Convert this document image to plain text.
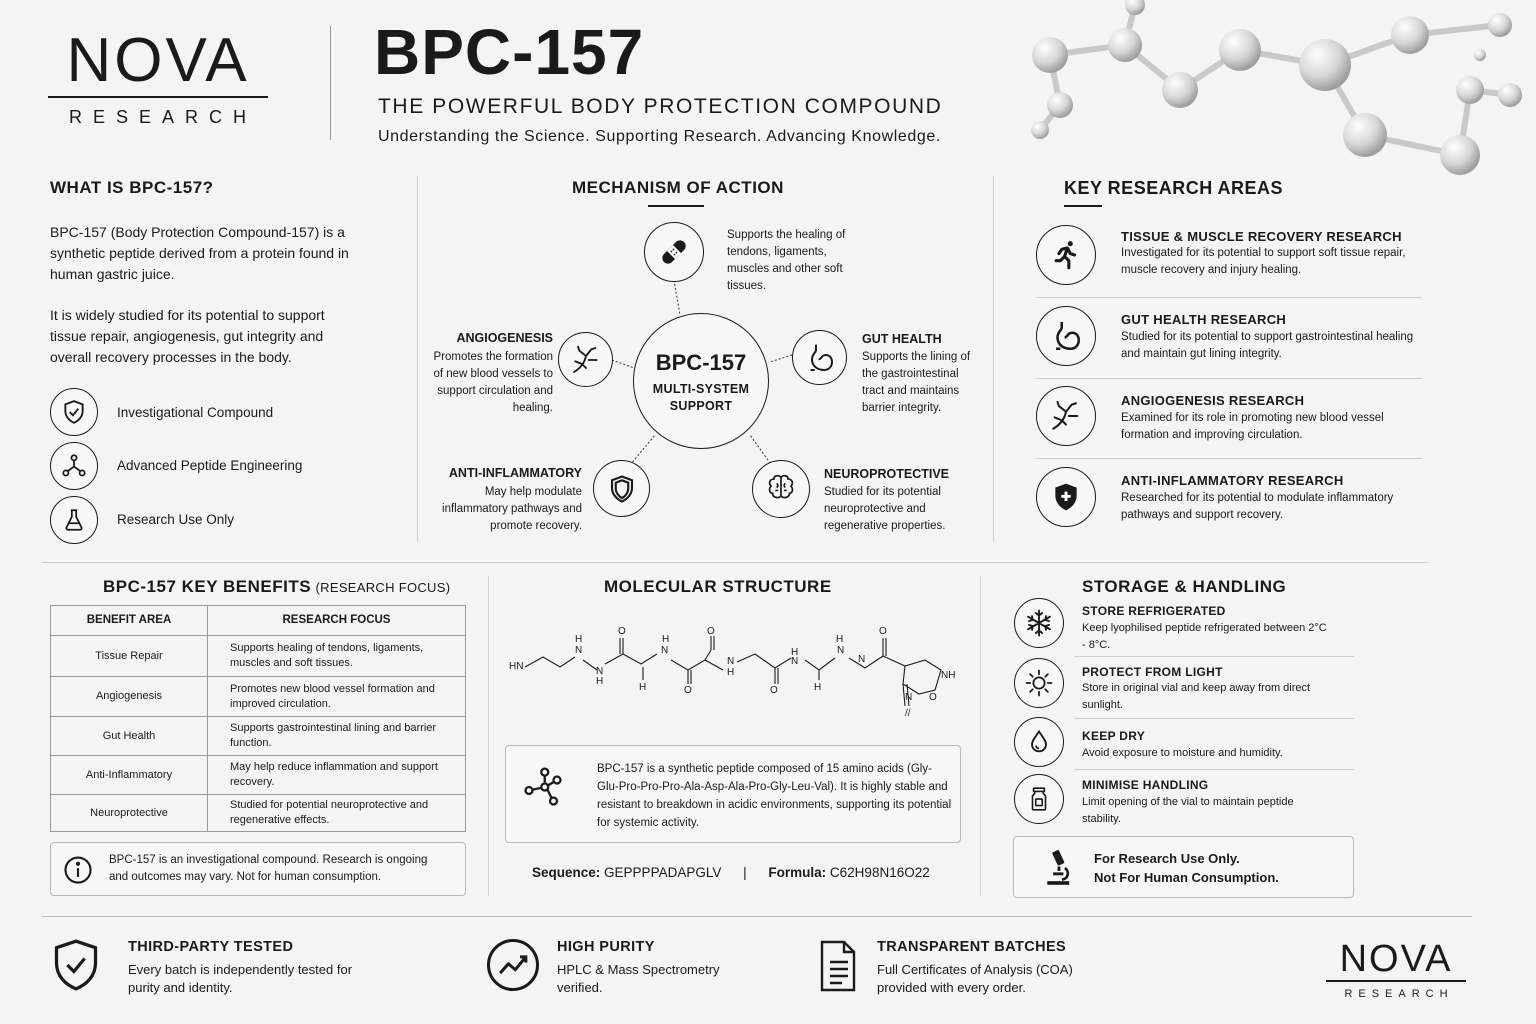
NOVA
RESEARCH
BPC-157
THE POWERFUL BODY PROTECTION COMPOUND
Understanding the Science. Supporting Research. Advancing Knowledge.
WHAT IS BPC-157?
BPC-157 (Body Protection Compound-157) is a synthetic peptide derived from a protein found in human gastric juice.
It is widely studied for its potential to support tissue repair, angiogenesis, gut integrity and overall recovery processes in the body.
Investigational Compound
Advanced Peptide Engineering
Research Use Only
MECHANISM OF ACTION
BPC-157
MULTI-SYSTEM
SUPPORT
Supports the healing of tendons, ligaments, muscles and other soft tissues.
ANGIOGENESIS
Promotes the formation of new blood vessels to support circulation and healing.
GUT HEALTH
Supports the lining of the gastrointestinal tract and maintains barrier integrity.
ANTI-INFLAMMATORY
May help modulate inflammatory pathways and promote recovery.
NEUROPROTECTIVE
Studied for its potential neuroprotective and regenerative properties.
KEY RESEARCH AREAS
TISSUE & MUSCLE RECOVERY RESEARCH
Investigated for its potential to support soft tissue repair, muscle recovery and injury healing.
GUT HEALTH RESEARCH
Studied for its potential to support gastrointestinal healing and maintain gut lining integrity.
ANGIOGENESIS RESEARCH
Examined for its role in promoting new blood vessel formation and improving circulation.
ANTI-INFLAMMATORY RESEARCH
Researched for its potential to modulate inflammatory pathways and support recovery.
BPC-157 KEY BENEFITS (RESEARCH FOCUS)
BENEFIT AREA	RESEARCH FOCUS
Tissue Repair	Supports healing of tendons, ligaments, muscles and soft tissues.
Angiogenesis	Promotes new blood vessel formation and improved circulation.
Gut Health	Supports gastrointestinal lining and barrier function.
Anti-Inflammatory	May help reduce inflammation and support recovery.
Neuroprotective	Studied for potential neuroprotective and regenerative effects.
BPC-157 is an investigational compound. Research is ongoing and outcomes may vary. Not for human consumption.
MOLECULAR STRUCTURE
HN
H
N
N
H
O
H
N
H	O
O
N
H
O
H
N
H
H
N
N
O
NH
O
N
//
BPC-157 is a synthetic peptide composed of 15 amino acids (Gly-Glu-Pro-Pro-Pro-Ala-Asp-Ala-Pro-Gly-Leu-Val). It is highly stable and resistant to breakdown in acidic environments, supporting its potential for systemic activity.
Sequence: GEPPPPADAPGLV | Formula: C62H98N16O22
STORAGE & HANDLING
STORE REFRIGERATED
Keep lyophilised peptide refrigerated between 2°C - 8°C.
PROTECT FROM LIGHT
Store in original vial and keep away from direct sunlight.
KEEP DRY
Avoid exposure to moisture and humidity.
MINIMISE HANDLING
Limit opening of the vial to maintain peptide stability.
For Research Use Only.
Not For Human Consumption.
THIRD-PARTY TESTED
Every batch is independently tested for purity and identity.
HIGH PURITY
HPLC & Mass Spectrometry verified.
TRANSPARENT BATCHES
Full Certificates of Analysis (COA) provided with every order.
NOVA
RESEARCH
